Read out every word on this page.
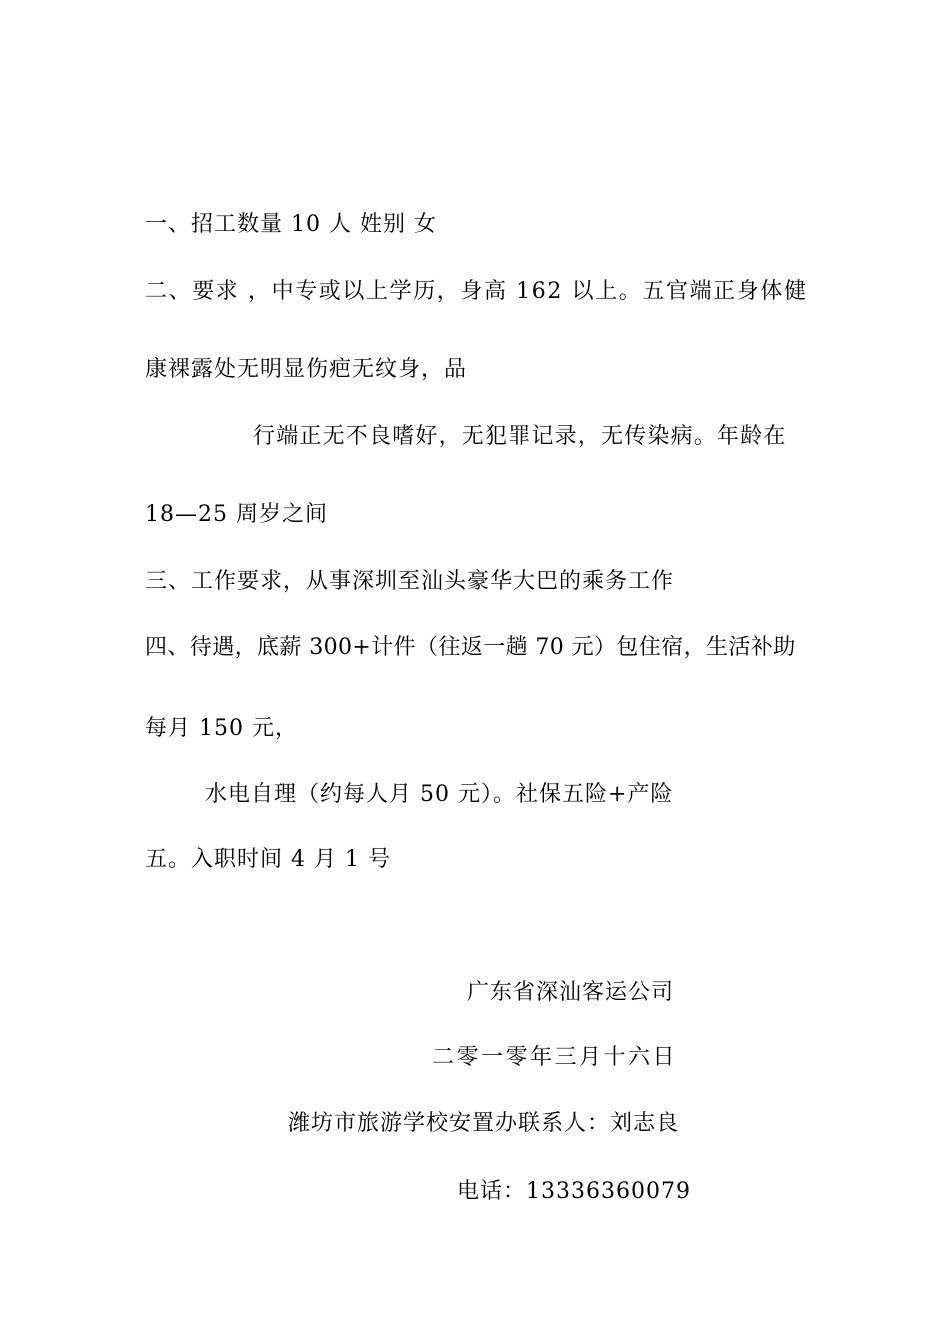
一、招工数量 10 人 姓别 女
二、要求 ，中专或以上学历，身高 162 以上。五官端正身体健
康裸露处无明显伤疤无纹身，品
行端正无不良嗜好，无犯罪记录，无传染病。年龄在
18—25 周岁之间
三、工作要求，从事深圳至汕头豪华大巴的乘务工作
四、待遇，底薪 300+计件（往返一趟 70 元）包住宿，生活补助
每月 150 元，
水电自理（约每人月 50 元）。社保五险+产险
五。入职时间 4 月 1 号
广东省深汕客运公司
二零一零年三月十六日
潍坊市旅游学校安置办联系人：刘志良
电话：13336360079
